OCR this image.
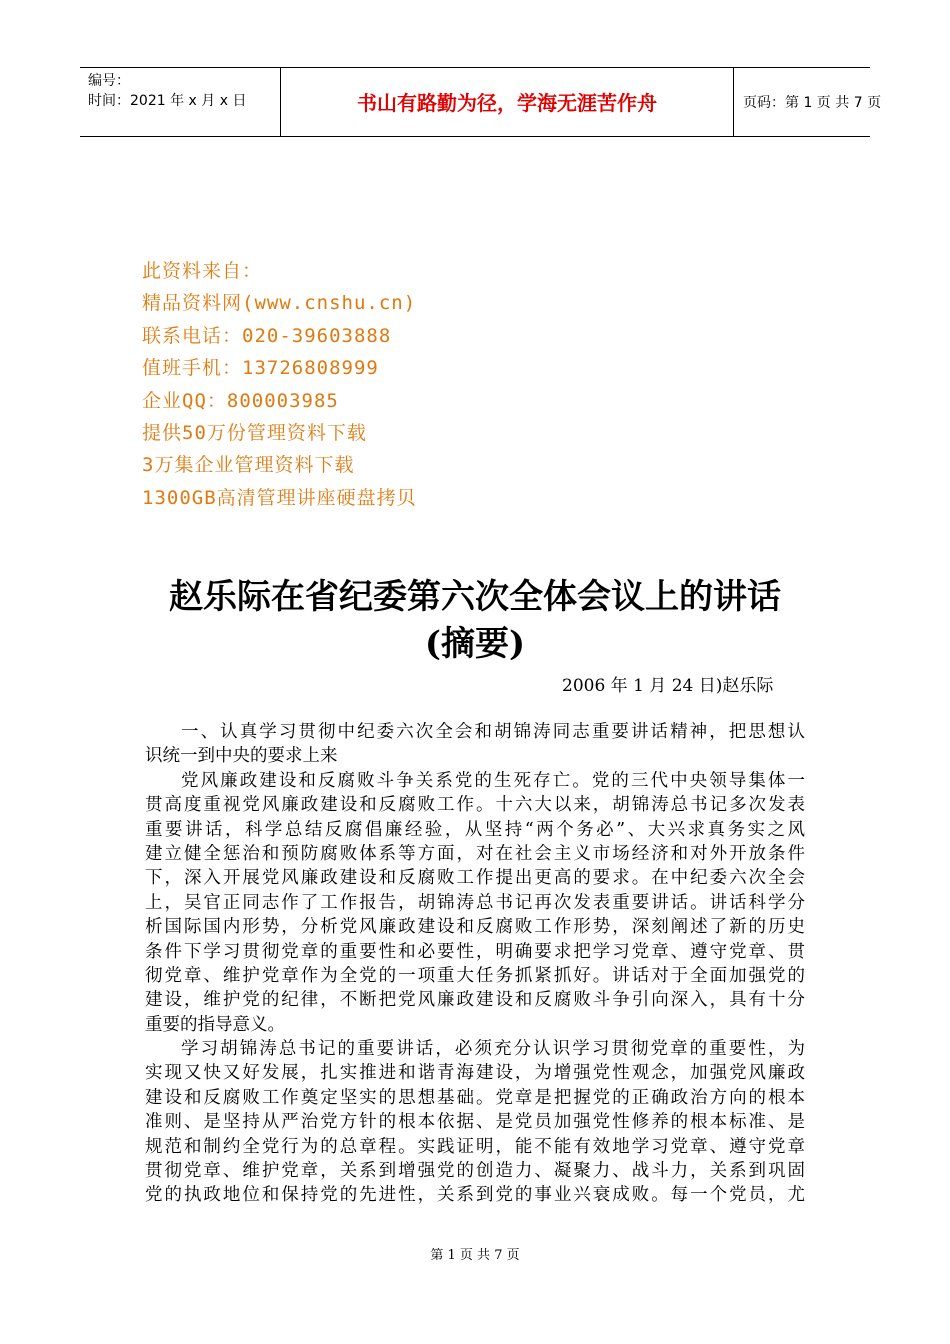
编号：
时间：2021 年 x 月 x 日	书山有路勤为径，学海无涯苦作舟	页码：第 1 页 共 7 页
此资料来自：
精品资料网(www.cnshu.cn)
联系电话：020-39603888
值班手机：13726808999
企业QQ：800003985
提供50万份管理资料下载
3万集企业管理资料下载
1300GB高清管理讲座硬盘拷贝
赵乐际在省纪委第六次全体会议上的讲话
(摘要)
2006 年 1 月 24 日)赵乐际
一、认真学习贯彻中纪委六次全会和胡锦涛同志重要讲话精神，把思想认
识统一到中央的要求上来
党风廉政建设和反腐败斗争关系党的生死存亡。党的三代中央领导集体一
贯高度重视党风廉政建设和反腐败工作。十六大以来，胡锦涛总书记多次发表
重要讲话，科学总结反腐倡廉经验，从坚持“两个务必”、大兴求真务实之风
建立健全惩治和预防腐败体系等方面，对在社会主义市场经济和对外开放条件
下，深入开展党风廉政建设和反腐败工作提出更高的要求。在中纪委六次全会
上，吴官正同志作了工作报告，胡锦涛总书记再次发表重要讲话。讲话科学分
析国际国内形势，分析党风廉政建设和反腐败工作形势，深刻阐述了新的历史
条件下学习贯彻党章的重要性和必要性，明确要求把学习党章、遵守党章、贯
彻党章、维护党章作为全党的一项重大任务抓紧抓好。讲话对于全面加强党的
建设，维护党的纪律，不断把党风廉政建设和反腐败斗争引向深入，具有十分
重要的指导意义。
学习胡锦涛总书记的重要讲话，必须充分认识学习贯彻党章的重要性，为
实现又快又好发展，扎实推进和谐青海建设，为增强党性观念，加强党风廉政
建设和反腐败工作奠定坚实的思想基础。党章是把握党的正确政治方向的根本
准则、是坚持从严治党方针的根本依据、是党员加强党性修养的根本标准、是
规范和制约全党行为的总章程。实践证明，能不能有效地学习党章、遵守党章
贯彻党章、维护党章，关系到增强党的创造力、凝聚力、战斗力，关系到巩固
党的执政地位和保持党的先进性，关系到党的事业兴衰成败。每一个党员，尤
第 1 页 共 7 页
